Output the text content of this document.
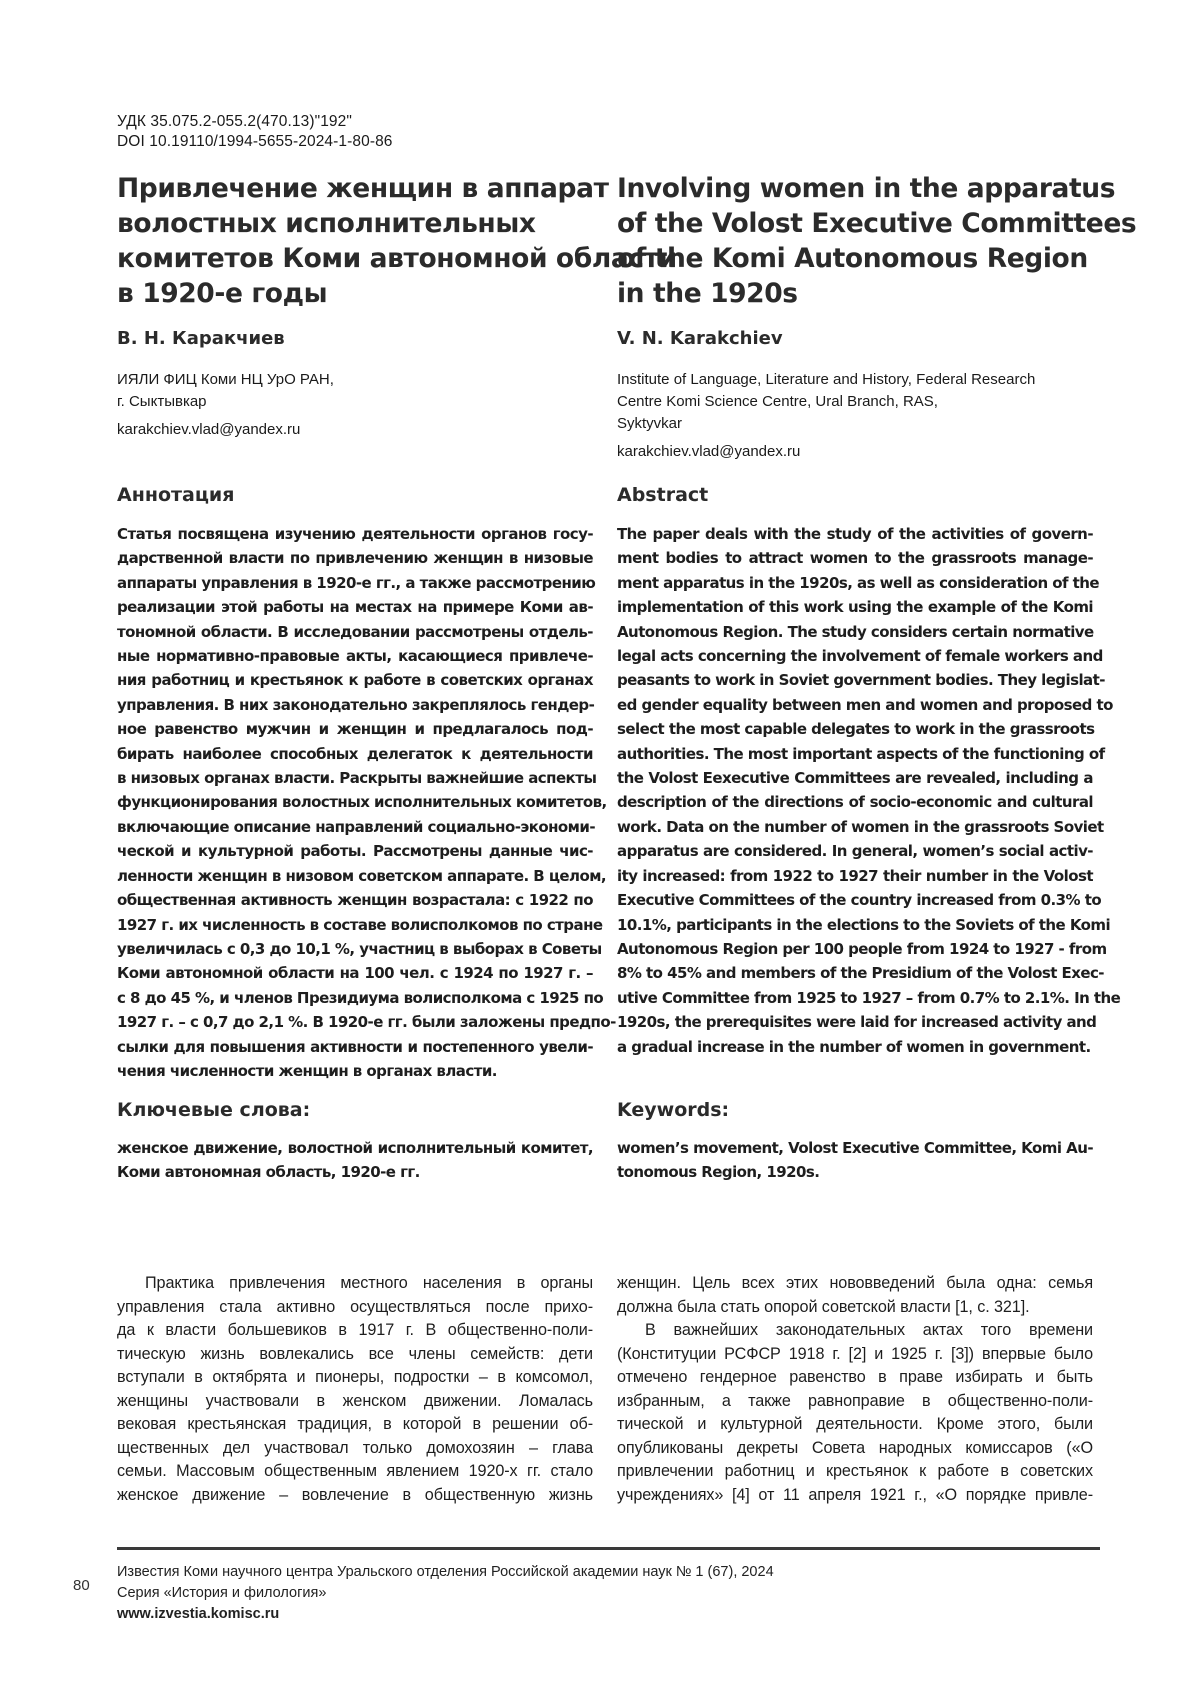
УДК 35.075.2-055.2(470.13)"192"
DOI 10.19110/1994-5655-2024-1-80-86
Привлечение женщин в аппарат
волостных исполнительных
комитетов Коми автономной области
в 1920-е годы
Involving women in the apparatus
of the Volost Executive Committees
of the Komi Autonomous Region
in the 1920s

В. Н. Каракчиев	V. N. Karakchiev

ИЯЛИ ФИЦ Коми НЦ УрО РАН,
г. Сыктывкар
karakchiev.vlad@yandex.ru
Institute of Language, Literature and History, Federal Research
Centre Komi Science Centre, Ural Branch, RAS,
Syktyvkar
karakchiev.vlad@yandex.ru
Аннотация	Abstract
Статья посвящена изучению деятельности органов госу-
дарственной власти по привлечению женщин в низовые
аппараты управления в 1920-е гг., а также рассмотрению
реализации этой работы на местах на примере Коми ав-
тономной области. В исследовании рассмотрены отдель-
ные нормативно-правовые акты, касающиеся привлече-
ния работниц и крестьянок к работе в советских органах
управления. В них законодательно закреплялось гендер-
ное равенство мужчин и женщин и предлагалось под-
бирать наиболее способных делегаток к деятельности
в низовых органах власти. Раскрыты важнейшие аспекты
функционирования волостных исполнительных комитетов,
включающие описание направлений социально-экономи-
ческой и культурной работы. Рассмотрены данные чис-
ленности женщин в низовом советском аппарате. В целом,
общественная активность женщин возрастала: с 1922 по
1927 г. их численность в составе волисполкомов по стране
увеличилась с 0,3 до 10,1 %, участниц в выборах в Советы
Коми автономной области на 100 чел. с 1924 по 1927 г. –
с 8 до 45 %, и членов Президиума волисполкома с 1925 по
1927 г. – с 0,7 до 2,1 %. В 1920-е гг. были заложены предпо-
сылки для повышения активности и постепенного увели-
чения численности женщин в органах власти.
The paper deals with the study of the activities of govern-
ment bodies to attract women to the grassroots manage-
ment apparatus in the 1920s, as well as consideration of the
implementation of this work using the example of the Komi
Autonomous Region. The study considers certain normative
legal acts concerning the involvement of female workers and
peasants to work in Soviet government bodies. They legislat-
ed gender equality between men and women and proposed to
select the most capable delegates to work in the grassroots
authorities. The most important aspects of the functioning of
the Volost Eexecutive Committees are revealed, including a
description of the directions of socio-economic and cultural
work. Data on the number of women in the grassroots Soviet
apparatus are considered. In general, women’s social activ-
ity increased: from 1922 to 1927 their number in the Volost
Executive Committees of the country increased from 0.3% to
10.1%, participants in the elections to the Soviets of the Komi
Autonomous Region per 100 people from 1924 to 1927 - from
8% to 45% and members of the Presidium of the Volost Exec-
utive Committee from 1925 to 1927 – from 0.7% to 2.1%. In the
1920s, the prerequisites were laid for increased activity and
a gradual increase in the number of women in government.
Ключевые слова:	Keywords:
женское движение, волостной исполнительный комитет,
Коми автономная область, 1920-е гг.
women’s movement, Volost Executive Committee, Komi Au-
tonomous Region, 1920s.
Практика привлечения местного населения в органы
управления стала активно осуществляться после прихо-
да к власти большевиков в 1917 г. В общественно-поли-
тическую жизнь вовлекались все члены семейств: дети
вступали в октябрята и пионеры, подростки – в комсомол,
женщины участвовали в женском движении. Ломалась
вековая крестьянская традиция, в которой в решении об-
щественных дел участвовал только домохозяин – глава
семьи. Массовым общественным явлением 1920-х гг. стало
женское движение – вовлечение в общественную жизнь
женщин. Цель всех этих нововведений была одна: семья
должна была стать опорой советской власти [1, с. 321].
В важнейших законодательных актах того времени
(Конституции РСФСР 1918 г. [2] и 1925 г. [3]) впервые было
отмечено гендерное равенство в праве избирать и быть
избранным, а также равноправие в общественно-поли-
тической и культурной деятельности. Кроме этого, были
опубликованы декреты Совета народных комиссаров («О
привлечении работниц и крестьянок к работе в советских
учреждениях» [4] от 11 апреля 1921 г., «О порядке привле-
80
Известия Коми научного центра Уральского отделения Российской академии наук № 1 (67), 2024
Серия «История и филология»
www.izvestia.komisc.ru
